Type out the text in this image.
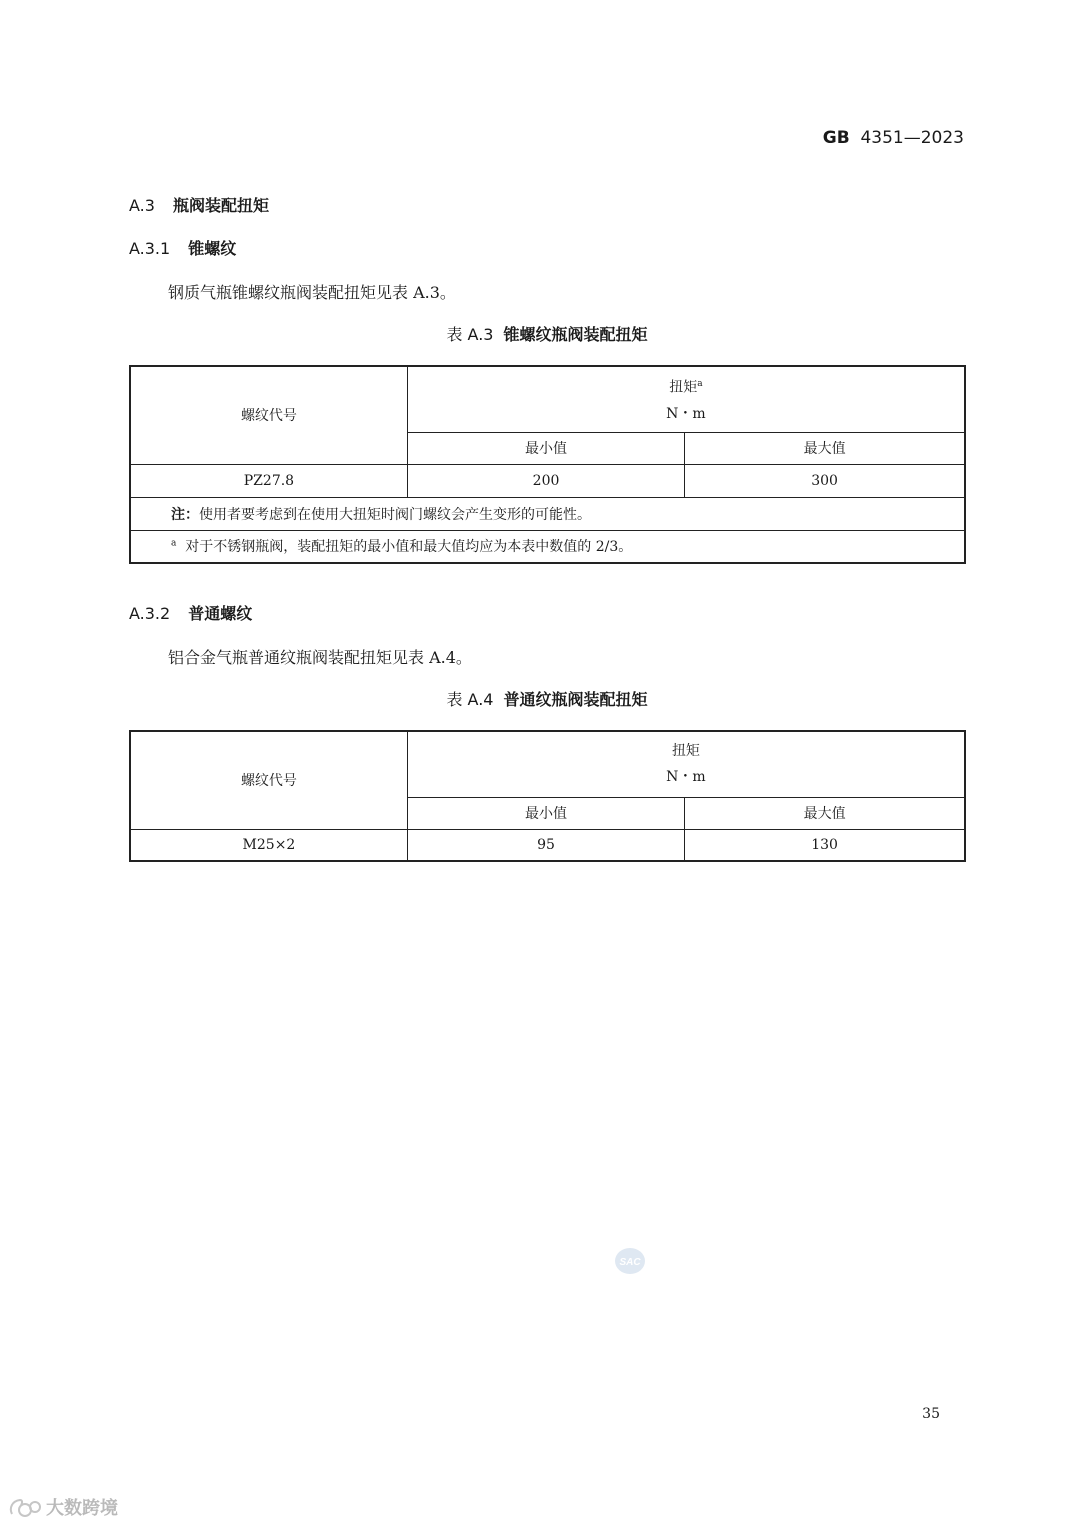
GB 4351—2023
A.3 瓶阀装配扭矩
A.3.1 锥螺纹
钢质气瓶锥螺纹瓶阀装配扭矩见表 A.3。
表 A.3 锥螺纹瓶阀装配扭矩
螺纹代号	扭矩$^a$
N・m	

	最小值	最大值
PZ27.8	200	300
注：使用者要考虑到在使用大扭矩时阀门螺纹会产生变形的可能性。		
$^a$ 对于不锈钢瓶阀，装配扭矩的最小值和最大值均应为本表中数值的 2/3。		
A.3.2 普通螺纹
铝合金气瓶普通纹瓶阀装配扭矩见表 A.4。
表 A.4 普通纹瓶阀装配扭矩
螺纹代号	扭矩
N・m	

	最小值	最大值
M25×2	95	130
SAC
35
大数跨境
